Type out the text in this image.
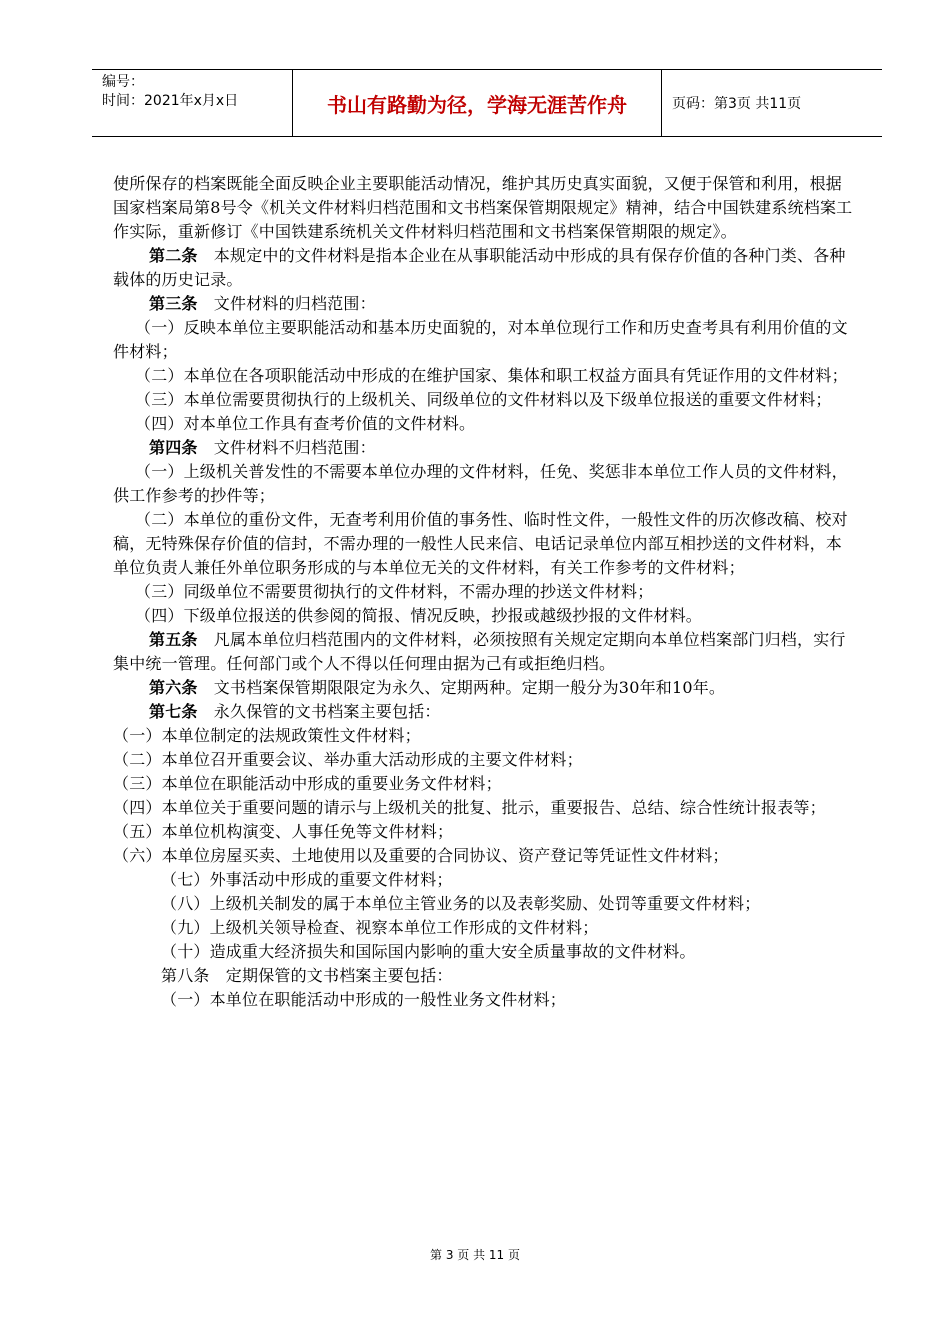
编号：
时间：2021年x月x日	书山有路勤为径，学海无涯苦作舟	页码：第3页 共11页

使所保存的档案既能全面反映企业主要职能活动情况，维护其历史真实面貌，又便于保管和利用，根据国家档案局第8号令《机关文件材料归档范围和文书档案保管期限规定》精神，结合中国铁建系统档案工作实际，重新修订《中国铁建系统机关文件材料归档范围和文书档案保管期限的规定》。

第二条　本规定中的文件材料是指本企业在从事职能活动中形成的具有保存价值的各种门类、各种载体的历史记录。

第三条　文件材料的归档范围：

（一）反映本单位主要职能活动和基本历史面貌的，对本单位现行工作和历史查考具有利用价值的文件材料；

（二）本单位在各项职能活动中形成的在维护国家、集体和职工权益方面具有凭证作用的文件材料；

（三）本单位需要贯彻执行的上级机关、同级单位的文件材料以及下级单位报送的重要文件材料；

（四）对本单位工作具有查考价值的文件材料。

第四条　文件材料不归档范围：

（一）上级机关普发性的不需要本单位办理的文件材料，任免、奖惩非本单位工作人员的文件材料，供工作参考的抄件等；

（二）本单位的重份文件，无查考利用价值的事务性、临时性文件，一般性文件的历次修改稿、校对稿，无特殊保存价值的信封，不需办理的一般性人民来信、电话记录单位内部互相抄送的文件材料，本单位负责人兼任外单位职务形成的与本单位无关的文件材料，有关工作参考的文件材料；

（三）同级单位不需要贯彻执行的文件材料，不需办理的抄送文件材料；

（四）下级单位报送的供参阅的简报、情况反映，抄报或越级抄报的文件材料。

第五条　凡属本单位归档范围内的文件材料，必须按照有关规定定期向本单位档案部门归档，实行集中统一管理。任何部门或个人不得以任何理由据为己有或拒绝归档。

第六条　文书档案保管期限限定为永久、定期两种。定期一般分为30年和10年。

第七条　永久保管的文书档案主要包括：

（一）本单位制定的法规政策性文件材料；

（二）本单位召开重要会议、举办重大活动形成的主要文件材料；

（三）本单位在职能活动中形成的重要业务文件材料；

（四）本单位关于重要问题的请示与上级机关的批复、批示，重要报告、总结、综合性统计报表等；

（五）本单位机构演变、人事任免等文件材料；

（六）本单位房屋买卖、土地使用以及重要的合同协议、资产登记等凭证性文件材料；

（七）外事活动中形成的重要文件材料；

（八）上级机关制发的属于本单位主管业务的以及表彰奖励、处罚等重要文件材料；

（九）上级机关领导检查、视察本单位工作形成的文件材料；

（十）造成重大经济损失和国际国内影响的重大安全质量事故的文件材料。

第八条　定期保管的文书档案主要包括：

（一）本单位在职能活动中形成的一般性业务文件材料；

第 3 页 共 11 页
